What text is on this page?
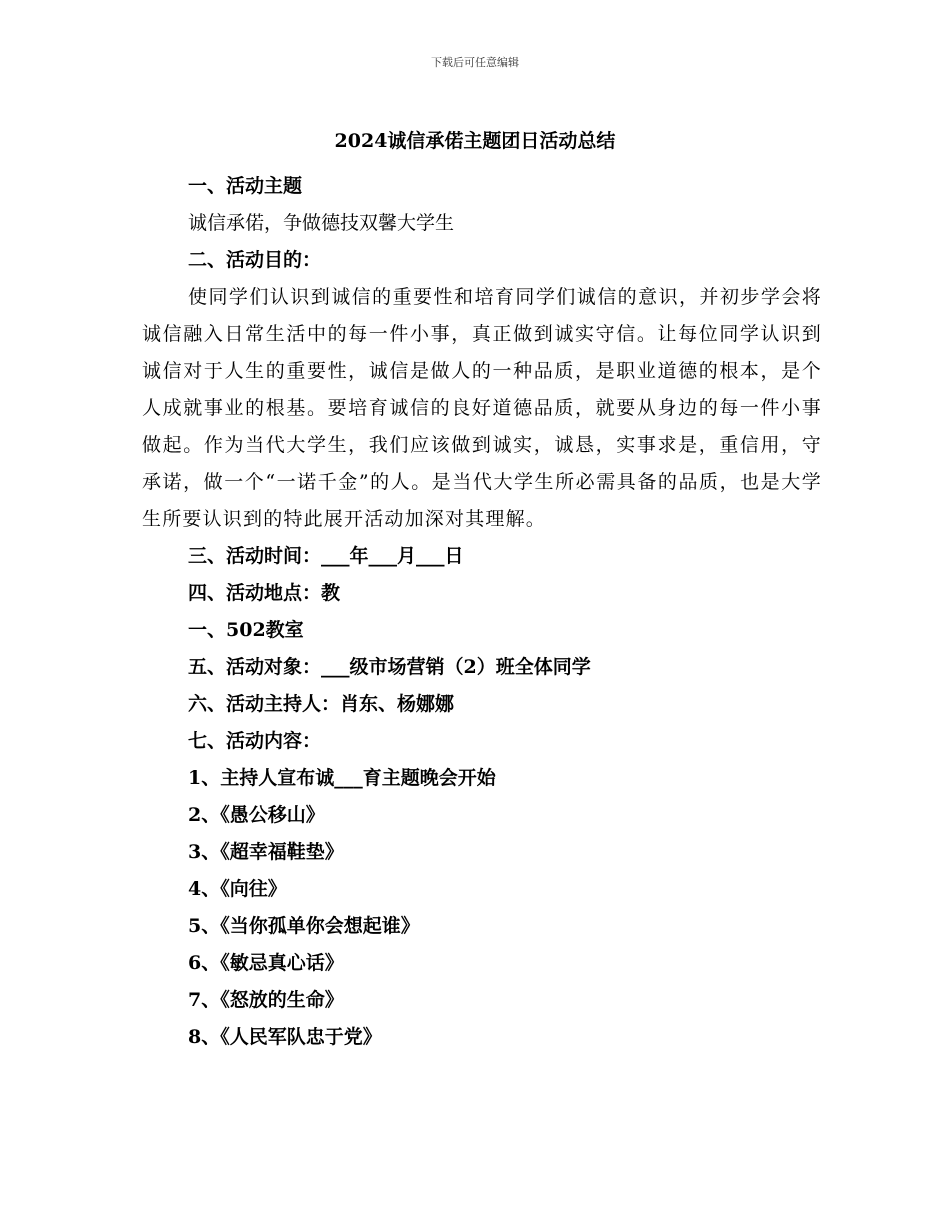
下载后可任意编辑
2024诚信承偌主题团日活动总结
一、活动主题
诚信承偌，争做德技双馨大学生
二、活动目的：
使同学们认识到诚信的重要性和培育同学们诚信的意识，并初步学会将诚信融入日常生活中的每一件小事，真正做到诚实守信。让每位同学认识到诚信对于人生的重要性，诚信是做人的一种品质，是职业道德的根本，是个人成就事业的根基。要培育诚信的良好道德品质，就要从身边的每一件小事做起。作为当代大学生，我们应该做到诚实，诚恳，实事求是，重信用，守承诺，做一个“一诺千金”的人。是当代大学生所必需具备的品质，也是大学生所要认识到的特此展开活动加深对其理解。
三、活动时间：___年___月___日
四、活动地点：教
一、502教室
五、活动对象：___级市场营销（2）班全体同学
六、活动主持人：肖东、杨娜娜
七、活动内容：
1、主持人宣布诚___育主题晚会开始
2、《愚公移山》
3、《超幸福鞋垫》
4、《向往》
5、《当你孤单你会想起谁》
6、《敏忌真心话》
7、《怒放的生命》
8、《人民军队忠于党》
